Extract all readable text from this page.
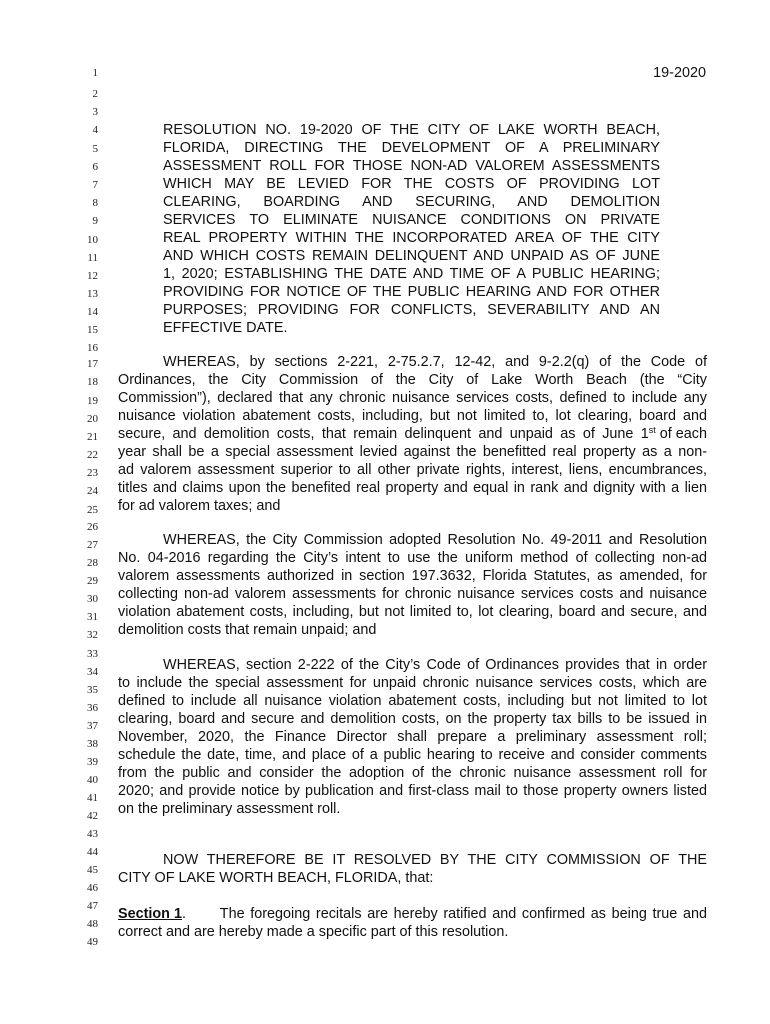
19-2020
1
2
3
4
5
6
7
8
9
10
11
12
13
14
15
16
17
18
19
20
21
22
23
24
25
26
27
28
29
30
31
32
33
34
35
36
37
38
39
40
41
42
43
44
45
46
47
48
49
RESOLUTION NO. 19-2020 OF THE CITY OF LAKE WORTH BEACH,
FLORIDA, DIRECTING THE DEVELOPMENT OF A PRELIMINARY
ASSESSMENT ROLL FOR THOSE NON-AD VALOREM ASSESSMENTS
WHICH MAY BE LEVIED FOR THE COSTS OF PROVIDING LOT
CLEARING, BOARDING AND SECURING, AND DEMOLITION
SERVICES TO ELIMINATE NUISANCE CONDITIONS ON PRIVATE
REAL PROPERTY WITHIN THE INCORPORATED AREA OF THE CITY
AND WHICH COSTS REMAIN DELINQUENT AND UNPAID AS OF JUNE
1, 2020; ESTABLISHING THE DATE AND TIME OF A PUBLIC HEARING;
PROVIDING FOR NOTICE OF THE PUBLIC HEARING AND FOR OTHER
PURPOSES; PROVIDING FOR CONFLICTS, SEVERABILITY AND AN
EFFECTIVE DATE.
WHEREAS, by sections 2-221, 2-75.2.7, 12-42, and 9-2.2(q) of the Code of
Ordinances, the City Commission of the City of Lake Worth Beach (the “City
Commission”), declared that any chronic nuisance services costs, defined to include any
nuisance violation abatement costs, including, but not limited to, lot clearing, board and
secure, and demolition costs, that remain delinquent and unpaid as of June 1 $^{st}$ of each
year shall be a special assessment levied against the benefitted real property as a non-
ad valorem assessment superior to all other private rights, interest, liens, encumbrances,
titles and claims upon the benefited real property and equal in rank and dignity with a lien
for ad valorem taxes; and
WHEREAS, the City Commission adopted Resolution No. 49-2011 and Resolution
No. 04-2016 regarding the City’s intent to use the uniform method of collecting non-ad
valorem assessments authorized in section 197.3632, Florida Statutes, as amended, for
collecting non-ad valorem assessments for chronic nuisance services costs and nuisance
violation abatement costs, including, but not limited to, lot clearing, board and secure, and
demolition costs that remain unpaid; and
WHEREAS, section 2-222 of the City’s Code of Ordinances provides that in order
to include the special assessment for unpaid chronic nuisance services costs, which are
defined to include all nuisance violation abatement costs, including but not limited to lot
clearing, board and secure and demolition costs, on the property tax bills to be issued in
November, 2020, the Finance Director shall prepare a preliminary assessment roll;
schedule the date, time, and place of a public hearing to receive and consider comments
from the public and consider the adoption of the chronic nuisance assessment roll for
2020; and provide notice by publication and first-class mail to those property owners listed
on the preliminary assessment roll.
NOW THEREFORE BE IT RESOLVED BY THE CITY COMMISSION OF THE
CITY OF LAKE WORTH BEACH, FLORIDA, that:
Section 1 .      The foregoing recitals are hereby ratified and confirmed as being true and
correct and are hereby made a specific part of this resolution.
